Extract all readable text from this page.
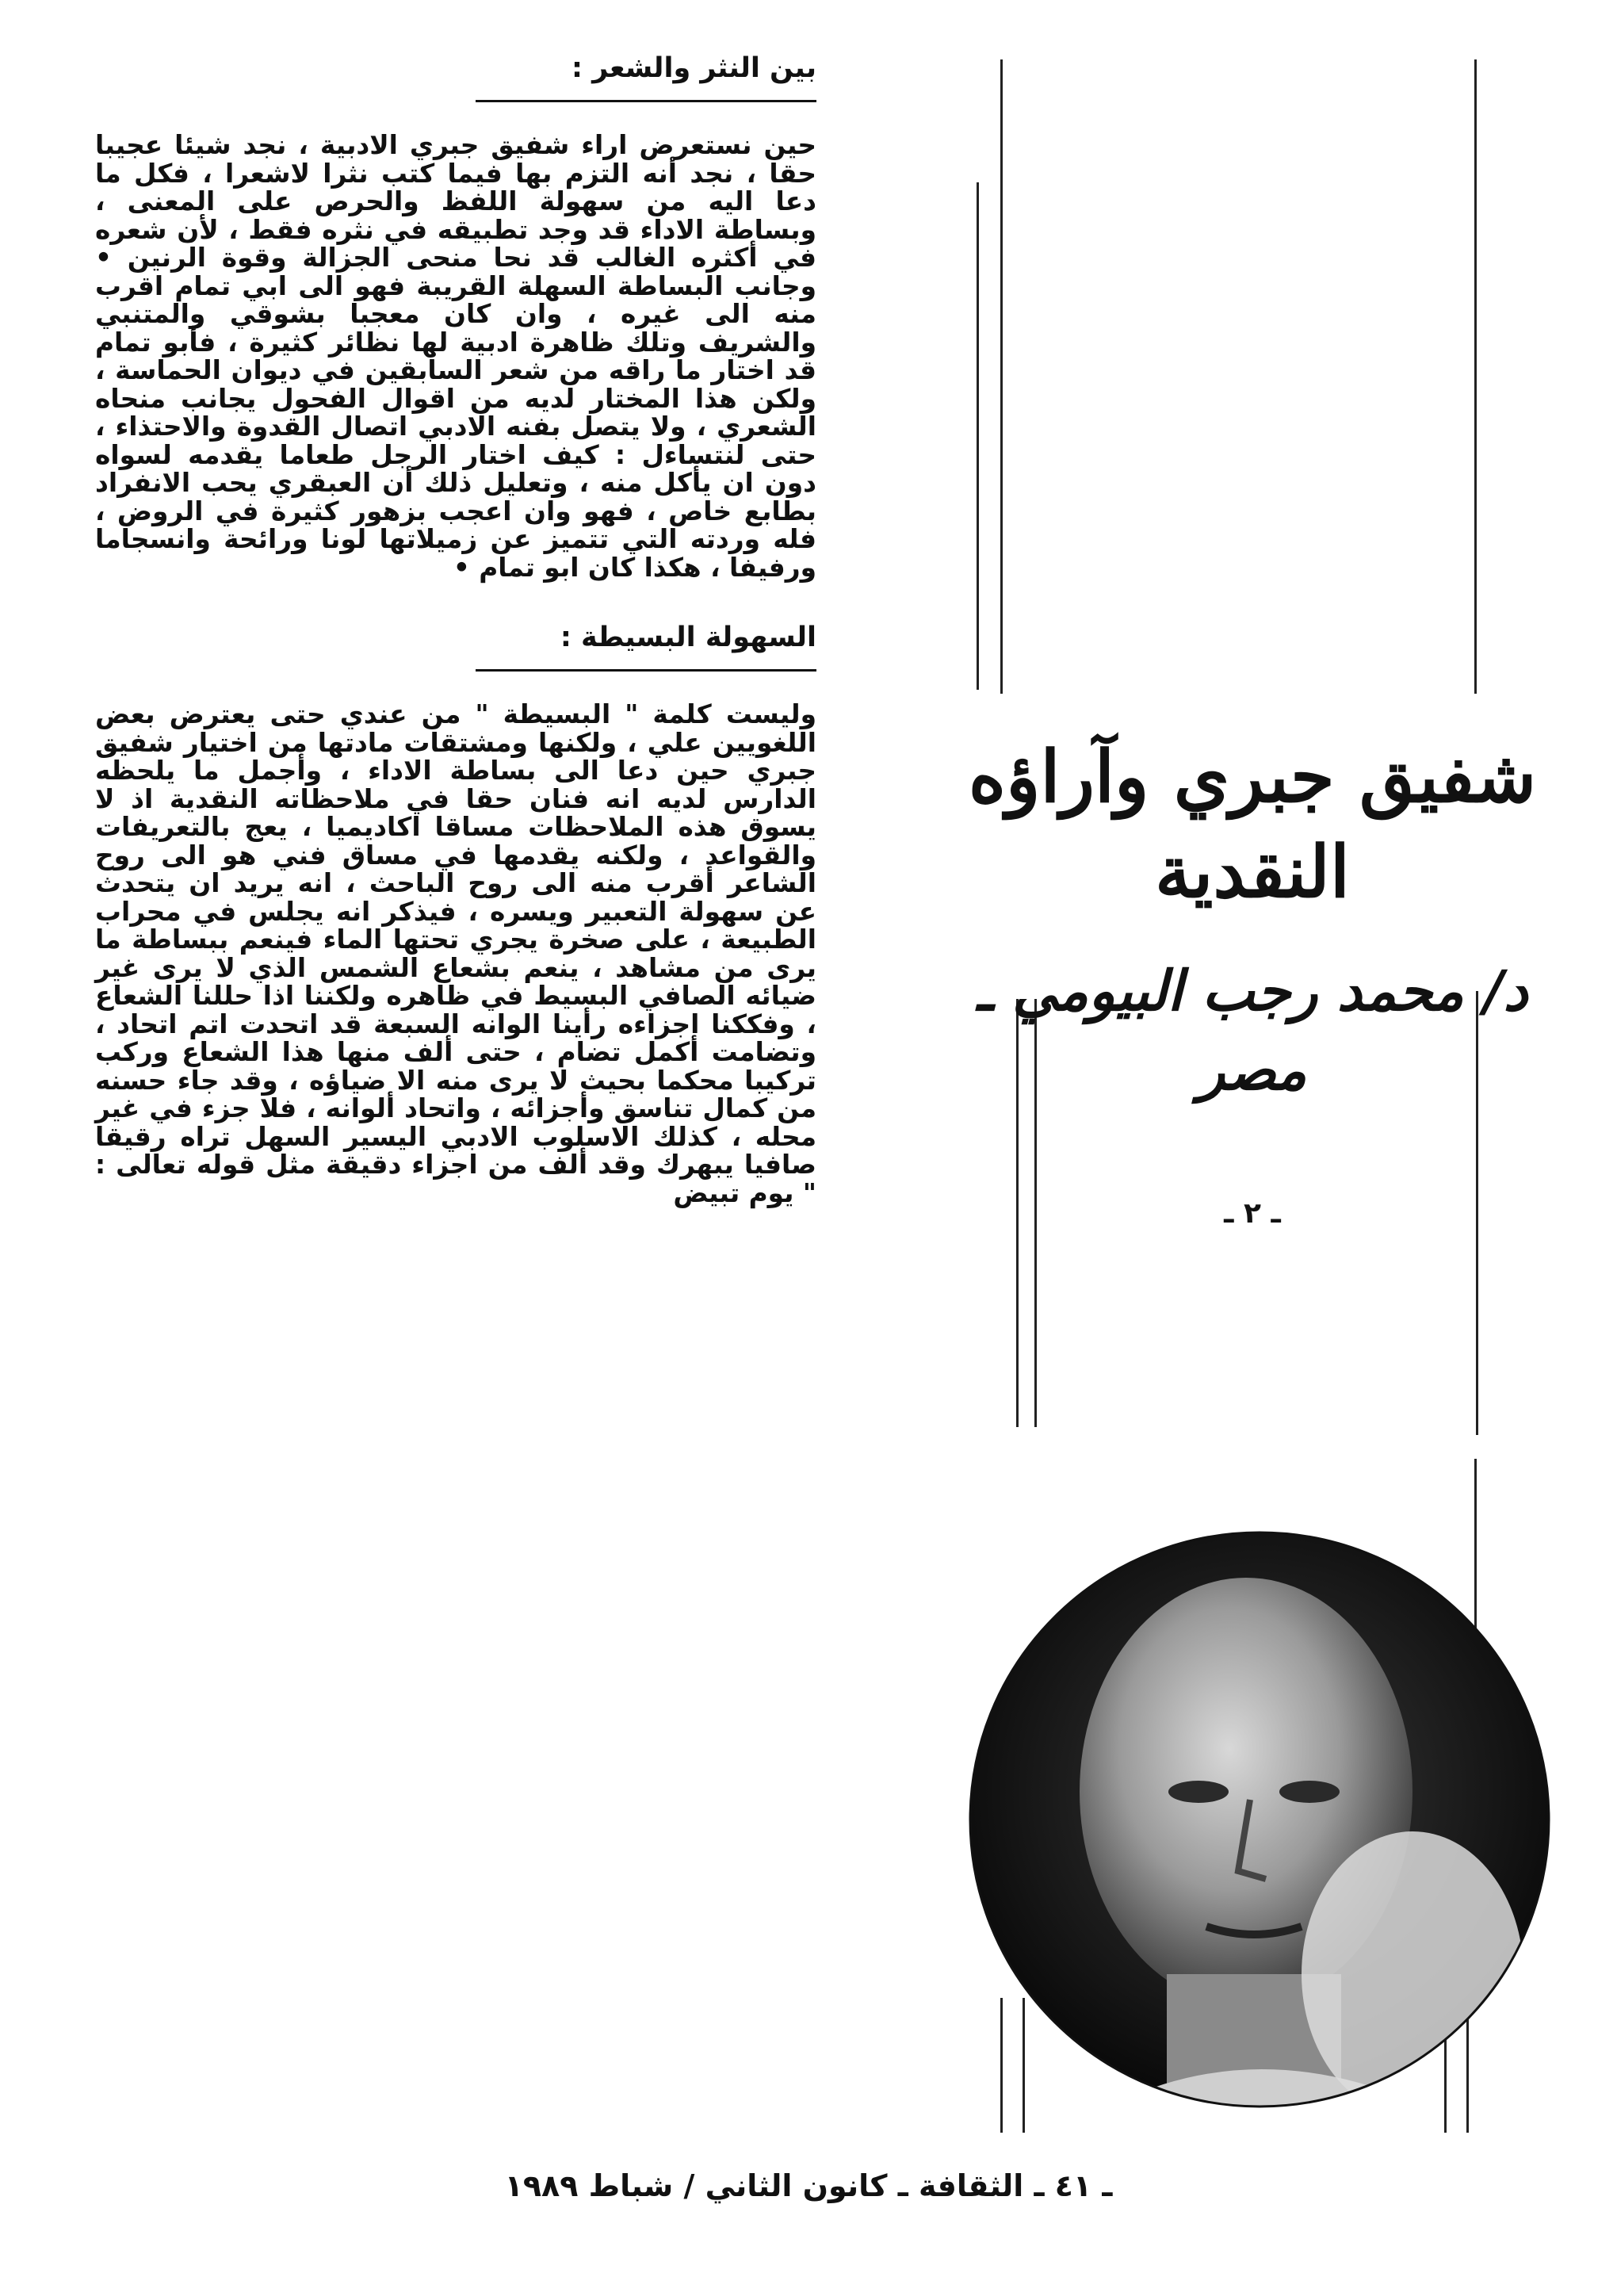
بين النثر والشعر :

حين نستعرض اراء شفيق جبري الادبية ، نجد شيئا عجيبا حقا ، نجد أنه التزم بها فيما كتب نثرا لاشعرا ، فكل ما دعا اليه من سهولة اللفظ والحرص على المعنى ، وبساطة الاداء قد وجد تطبيقه في نثره فقط ، لأن شعره في أكثره الغالب قد نحا منحى الجزالة وقوة الرنين • وجانب البساطة السهلة القريبة فهو الى ابي تمام اقرب منه الى غيره ، وان كان معجبا بشوقي والمتنبي والشريف وتلك ظاهرة ادبية لها نظائر كثيرة ، فأبو تمام قد اختار ما راقه من شعر السابقين في ديوان الحماسة ، ولكن هذا المختار لديه من اقوال الفحول يجانب منحاه الشعري ، ولا يتصل بفنه الادبي اتصال القدوة والاحتذاء ، حتى لنتساءل : كيف اختار الرجل طعاما يقدمه لسواه دون ان يأكل منه ، وتعليل ذلك أن العبقري يحب الانفراد بطابع خاص ، فهو وان اعجب بزهور كثيرة في الروض ، فله وردته التي تتميز عن زميلاتها لونا ورائحة وانسجاما ورفيفا ، هكذا كان ابو تمام •

السهولة البسيطة :

وليست كلمة " البسيطة " من عندي حتى يعترض بعض اللغويين علي ، ولكنها ومشتقات مادتها من اختيار شفيق جبري حين دعا الى بساطة الاداء ، وأجمل ما يلحظه الدارس لديه انه فنان حقا في ملاحظاته النقدية اذ لا يسوق هذه الملاحظات مساقا اكاديميا ، يعج بالتعريفات والقواعد ، ولكنه يقدمها في مساق فني هو الى روح الشاعر أقرب منه الى روح الباحث ، انه يريد ان يتحدث عن سهولة التعبير ويسره ، فيذكر انه يجلس في محراب الطبيعة ، على صخرة يجري تحتها الماء فينعم ببساطة ما يرى من مشاهد ، ينعم بشعاع الشمس الذي لا يرى غير ضيائه الصافي البسيط في ظاهره ولكننا اذا حللنا الشعاع ، وفككنا اجزاءه رأينا الوانه السبعة قد اتحدت اتم اتحاد ، وتضامت أكمل تضام ، حتى ألف منها هذا الشعاع وركب تركيبا محكما بحيث لا يرى منه الا ضياؤه ، وقد جاء حسنه من كمال تناسق وأجزائه ، واتحاد ألوانه ، فلا جزء في غير محله ، كذلك الاسلوب الادبي اليسير السهل تراه رقيقا صافيا يبهرك وقد ألف من اجزاء دقيقة مثل قوله تعالى : " يوم تبيض

شفيق جبري وآراؤه النقدية
د/ محمد رجب البيومي ـ مصر
ـ ٢ ـ
ـ ٤١ ـ الثقافة ـ كانون الثاني / شباط ١٩٨٩
